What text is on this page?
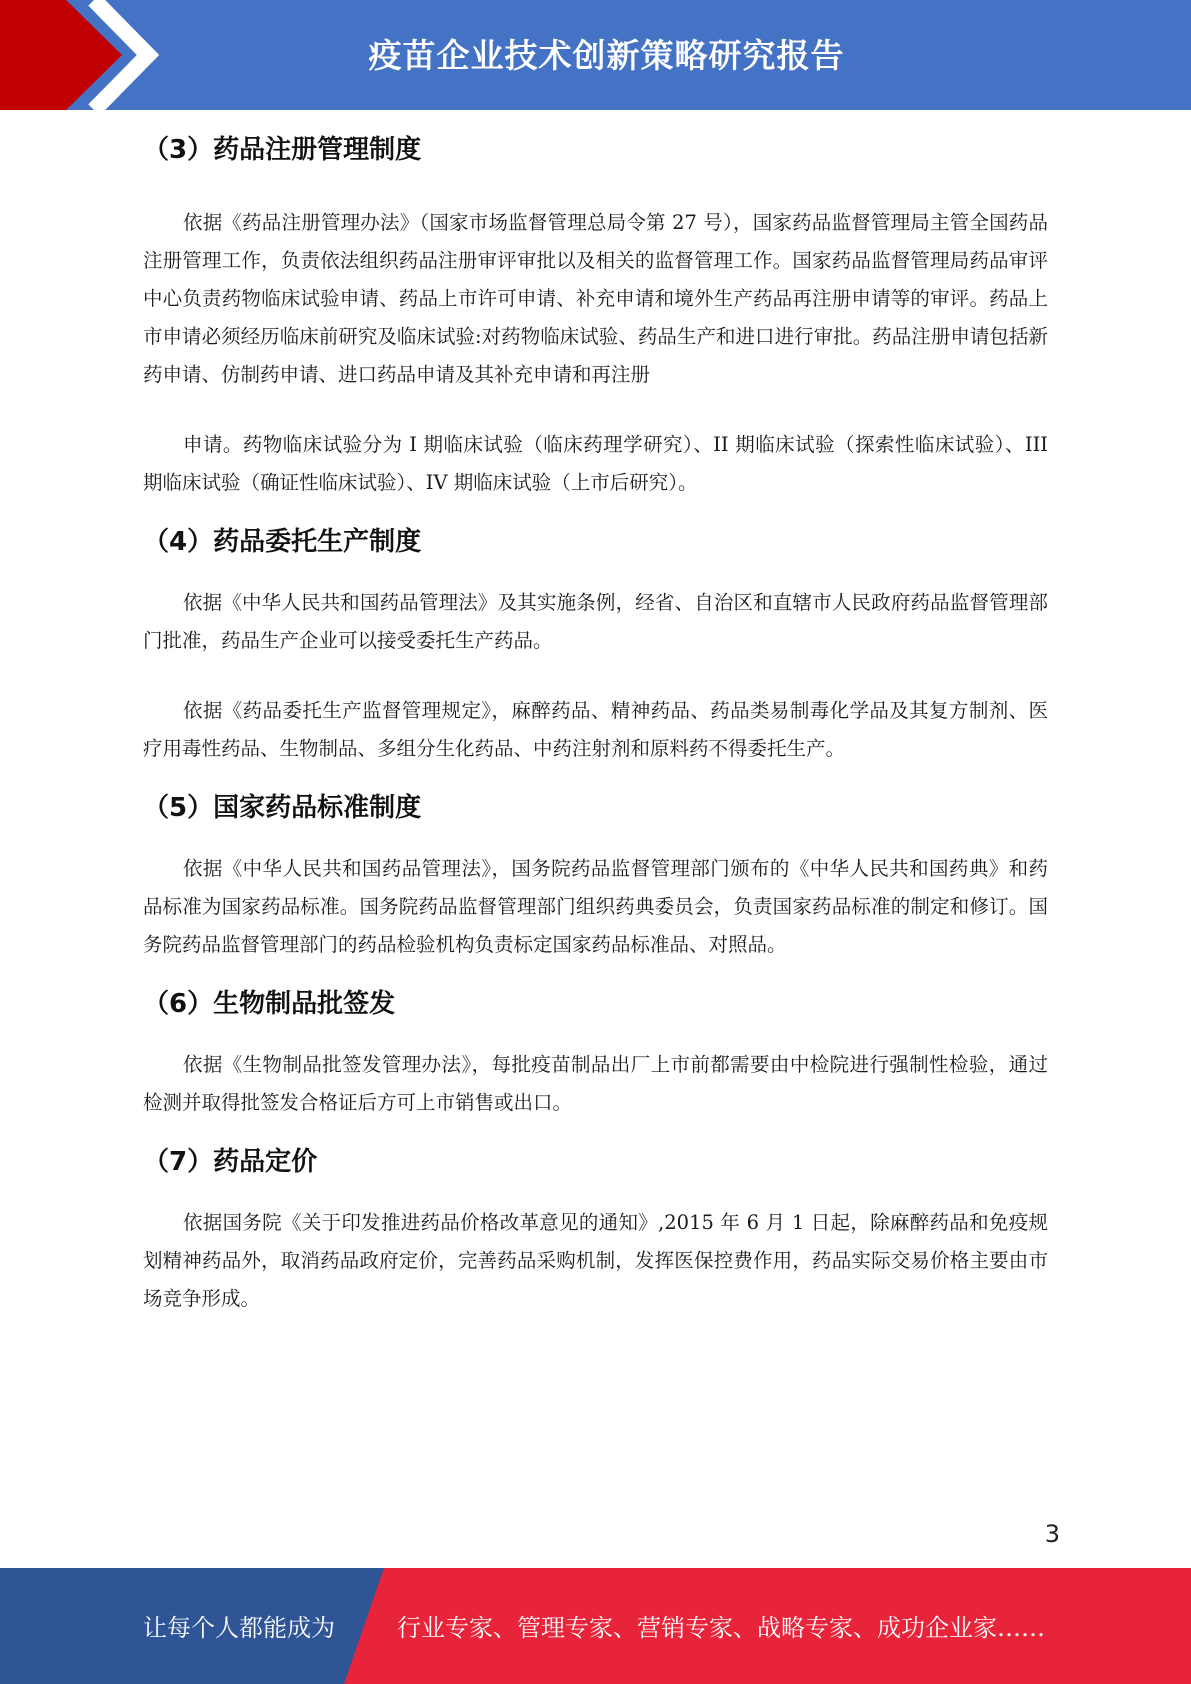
疫苗企业技术创新策略研究报告
（3）药品注册管理制度

依据《药品注册管理办法》（国家市场监督管理总局令第 27 号），国家药品监督管理局主管全国药品注册管理工作，负责依法组织药品注册审评审批以及相关的监督管理工作。国家药品监督管理局药品审评中心负责药物临床试验申请、药品上市许可申请、补充申请和境外生产药品再注册申请等的审评。药品上市申请必须经历临床前研究及临床试验:对药物临床试验、药品生产和进口进行审批。药品注册申请包括新药申请、仿制药申请、进口药品申请及其补充申请和再注册

申请。药物临床试验分为 I 期临床试验（临床药理学研究）、II 期临床试验（探索性临床试验）、III 期临床试验（确证性临床试验）、IV 期临床试验（上市后研究）。

（4）药品委托生产制度

依据《中华人民共和国药品管理法》及其实施条例，经省、自治区和直辖市人民政府药品监督管理部门批准，药品生产企业可以接受委托生产药品。

依据《药品委托生产监督管理规定》，麻醉药品、精神药品、药品类易制毒化学品及其复方制剂、医疗用毒性药品、生物制品、多组分生化药品、中药注射剂和原料药不得委托生产。

（5）国家药品标准制度

依据《中华人民共和国药品管理法》，国务院药品监督管理部门颁布的《中华人民共和国药典》和药品标准为国家药品标准。国务院药品监督管理部门组织药典委员会，负责国家药品标准的制定和修订。国务院药品监督管理部门的药品检验机构负责标定国家药品标准品、对照品。

（6）生物制品批签发

依据《生物制品批签发管理办法》，每批疫苗制品出厂上市前都需要由中检院进行强制性检验，通过检测并取得批签发合格证后方可上市销售或出口。

（7）药品定价

依据国务院《关于印发推进药品价格改革意见的通知》,2015 年 6 月 1 日起，除麻醉药品和免疫规划精神药品外，取消药品政府定价，完善药品采购机制，发挥医保控费作用，药品实际交易价格主要由市场竞争形成。

3
让每个人都能成为	行业专家、管理专家、营销专家、战略专家、成功企业家……
